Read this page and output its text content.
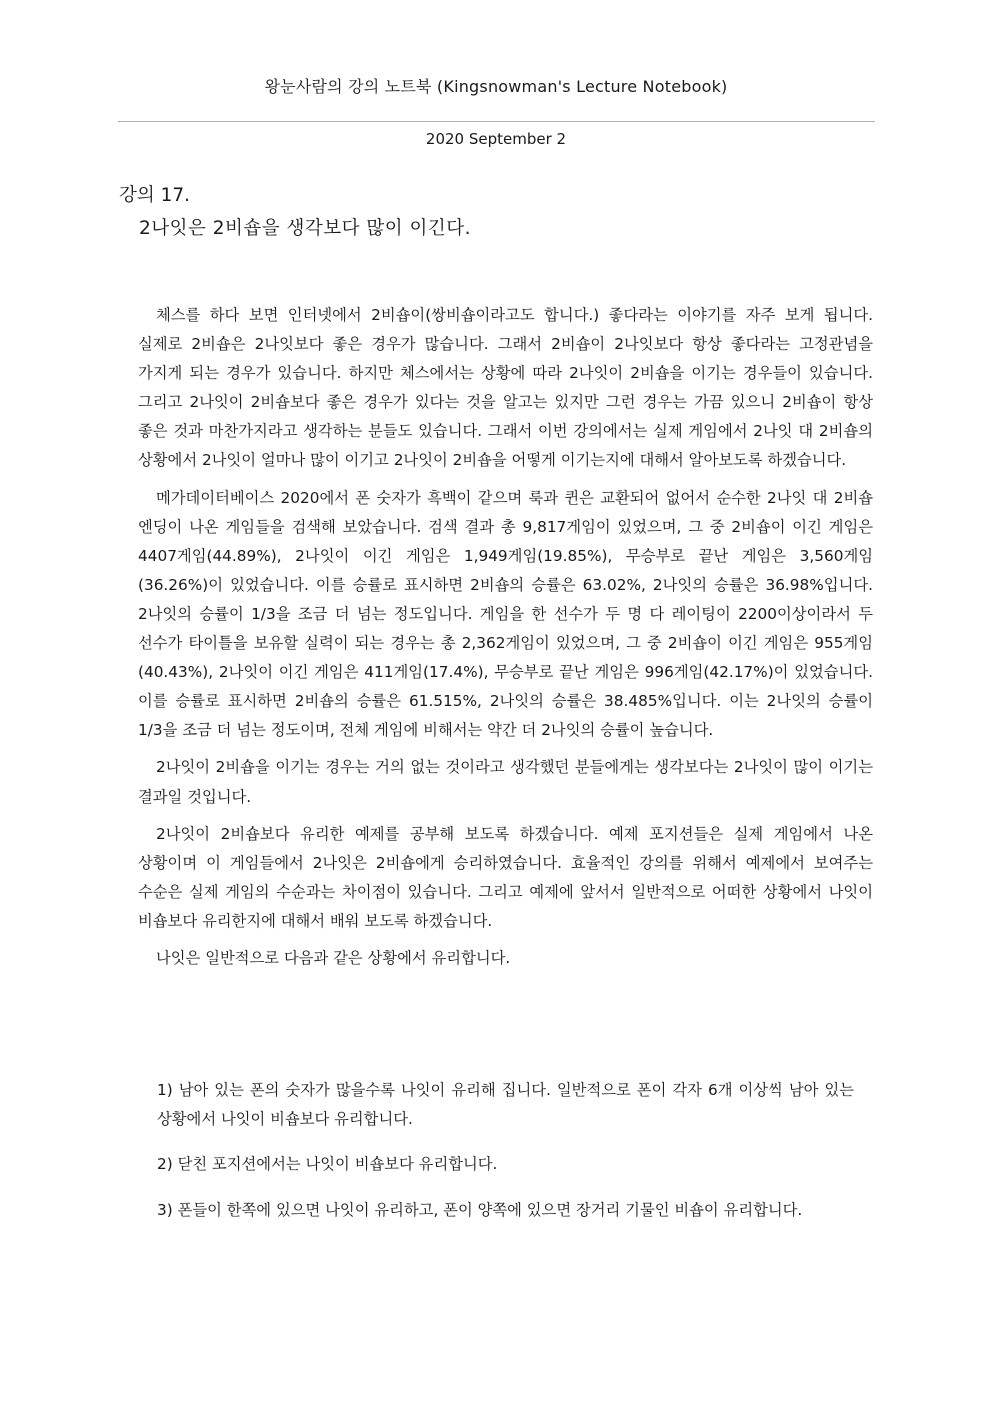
왕눈사람의 강의 노트북 (Kingsnowman's Lecture Notebook)
2020 September 2
강의 17.
2나잇은 2비숍을 생각보다 많이 이긴다.

체스를 하다 보면 인터넷에서 2비숍이(쌍비숍이라고도 합니다.) 좋다라는 이야기를 자주 보게 됩니다. 실제로 2비숍은 2나잇보다 좋은 경우가 많습니다. 그래서 2비숍이 2나잇보다 항상 좋다라는 고정관념을 가지게 되는 경우가 있습니다. 하지만 체스에서는 상황에 따라 2나잇이 2비숍을 이기는 경우들이 있습니다. 그리고 2나잇이 2비숍보다 좋은 경우가 있다는 것을 알고는 있지만 그런 경우는 가끔 있으니 2비숍이 항상 좋은 것과 마찬가지라고 생각하는 분들도 있습니다. 그래서 이번 강의에서는 실제 게임에서 2나잇 대 2비숍의 상황에서 2나잇이 얼마나 많이 이기고 2나잇이 2비숍을 어떻게 이기는지에 대해서 알아보도록 하겠습니다.

메가데이터베이스 2020에서 폰 숫자가 흑백이 같으며 룩과 퀸은 교환되어 없어서 순수한 2나잇 대 2비숍 엔딩이 나온 게임들을 검색해 보았습니다. 검색 결과 총 9,817게임이 있었으며, 그 중 2비숍이 이긴 게임은 4407게임(44.89%), 2나잇이 이긴 게임은 1,949게임(19.85%), 무승부로 끝난 게임은 3,560게임(36.26%)이 있었습니다. 이를 승률로 표시하면 2비숍의 승률은 63.02%, 2나잇의 승률은 36.98%입니다. 2나잇의 승률이 1/3을 조금 더 넘는 정도입니다. 게임을 한 선수가 두 명 다 레이팅이 2200이상이라서 두 선수가 타이틀을 보유할 실력이 되는 경우는 총 2,362게임이 있었으며, 그 중 2비숍이 이긴 게임은 955게임(40.43%), 2나잇이 이긴 게임은 411게임(17.4%), 무승부로 끝난 게임은 996게임(42.17%)이 있었습니다. 이를 승률로 표시하면 2비숍의 승률은 61.515%, 2나잇의 승률은 38.485%입니다. 이는 2나잇의 승률이 1/3을 조금 더 넘는 정도이며, 전체 게임에 비해서는 약간 더 2나잇의 승률이 높습니다.

2나잇이 2비숍을 이기는 경우는 거의 없는 것이라고 생각했던 분들에게는 생각보다는 2나잇이 많이 이기는 결과일 것입니다.

2나잇이 2비숍보다 유리한 예제를 공부해 보도록 하겠습니다. 예제 포지션들은 실제 게임에서 나온 상황이며 이 게임들에서 2나잇은 2비숍에게 승리하였습니다. 효율적인 강의를 위해서 예제에서 보여주는 수순은 실제 게임의 수순과는 차이점이 있습니다. 그리고 예제에 앞서서 일반적으로 어떠한 상황에서 나잇이 비숍보다 유리한지에 대해서 배워 보도록 하겠습니다.

나잇은 일반적으로 다음과 같은 상황에서 유리합니다.

1) 남아 있는 폰의 숫자가 많을수록 나잇이 유리해 집니다. 일반적으로 폰이 각자 6개 이상씩 남아 있는 상황에서 나잇이 비숍보다 유리합니다.
2) 닫친 포지션에서는 나잇이 비숍보다 유리합니다.
3) 폰들이 한쪽에 있으면 나잇이 유리하고, 폰이 양쪽에 있으면 장거리 기물인 비숍이 유리합니다.
